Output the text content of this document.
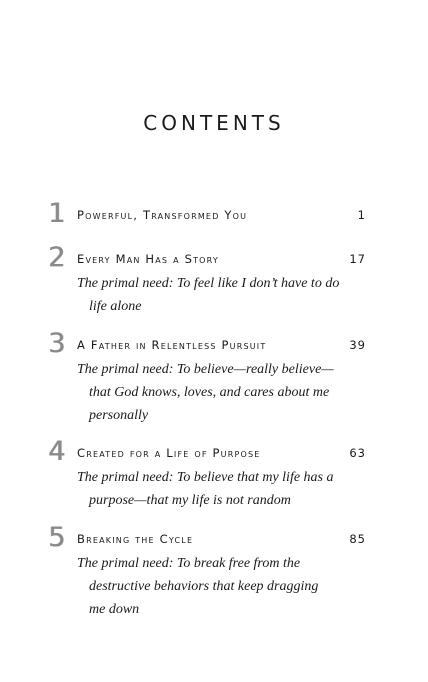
CONTENTS
1 Powerful, Transformed You	1
2 Every Man Has a Story	17
The primal need: To feel like I don’t have to do
life alone
3 A Father in Relentless Pursuit	39
The primal need: To believe—really believe—
that God knows, loves, and cares about me
personally
4 Created for a Life of Purpose	63
The primal need: To believe that my life has a
purpose—that my life is not random
5 Breaking the Cycle	85
The primal need: To break free from the
destructive behaviors that keep dragging
me down
